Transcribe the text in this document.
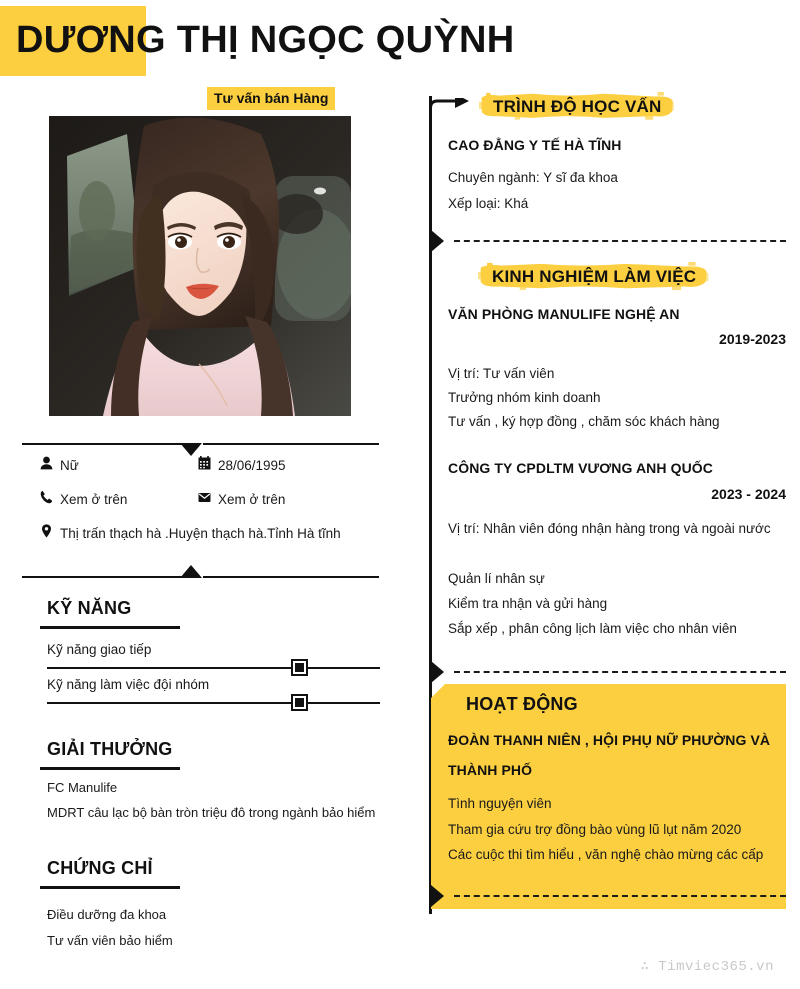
DƯƠNG THỊ NGỌC QUỲNH
Tư vấn bán Hàng
Nữ	28/06/1995
Xem ở trên	Xem ở trên
Thị trấn thạch hà .Huyện thạch hà.Tỉnh Hà tĩnh
KỸ NĂNG
Kỹ năng giao tiếp
Kỹ năng làm việc đội nhóm
GIẢI THƯỞNG
FC Manulife
MDRT câu lạc bộ bàn tròn triệu đô trong ngành bảo hiểm
CHỨNG CHỈ
Điều dưỡng đa khoa
Tư vấn viên bảo hiểm
TRÌNH ĐỘ HỌC VẤN
CAO ĐẲNG Y TẾ HÀ TĨNH
Chuyên ngành: Y sĩ đa khoa
Xếp loại: Khá
KINH NGHIỆM LÀM VIỆC
VĂN PHÒNG MANULIFE NGHỆ AN
2019-2023
Vị trí: Tư vấn viên
Trưởng nhóm kinh doanh
Tư vấn , ký hợp đồng , chăm sóc khách hàng
CÔNG TY CPDLTM VƯƠNG ANH QUỐC
2023 - 2024
Vị trí: Nhân viên đóng nhận hàng trong và ngoài nước
Quản lí nhân sự
Kiểm tra nhận và gửi hàng
Sắp xếp , phân công lịch làm việc cho nhân viên
HOẠT ĐỘNG
ĐOÀN THANH NIÊN , HỘI PHỤ NỮ PHƯỜNG VÀ THÀNH PHỐ
Tình nguyện viên
Tham gia cứu trợ đồng bào vùng lũ lụt năm 2020
Các cuộc thi tìm hiểu , văn nghệ chào mừng các cấp
∴ Timviec365.vn
